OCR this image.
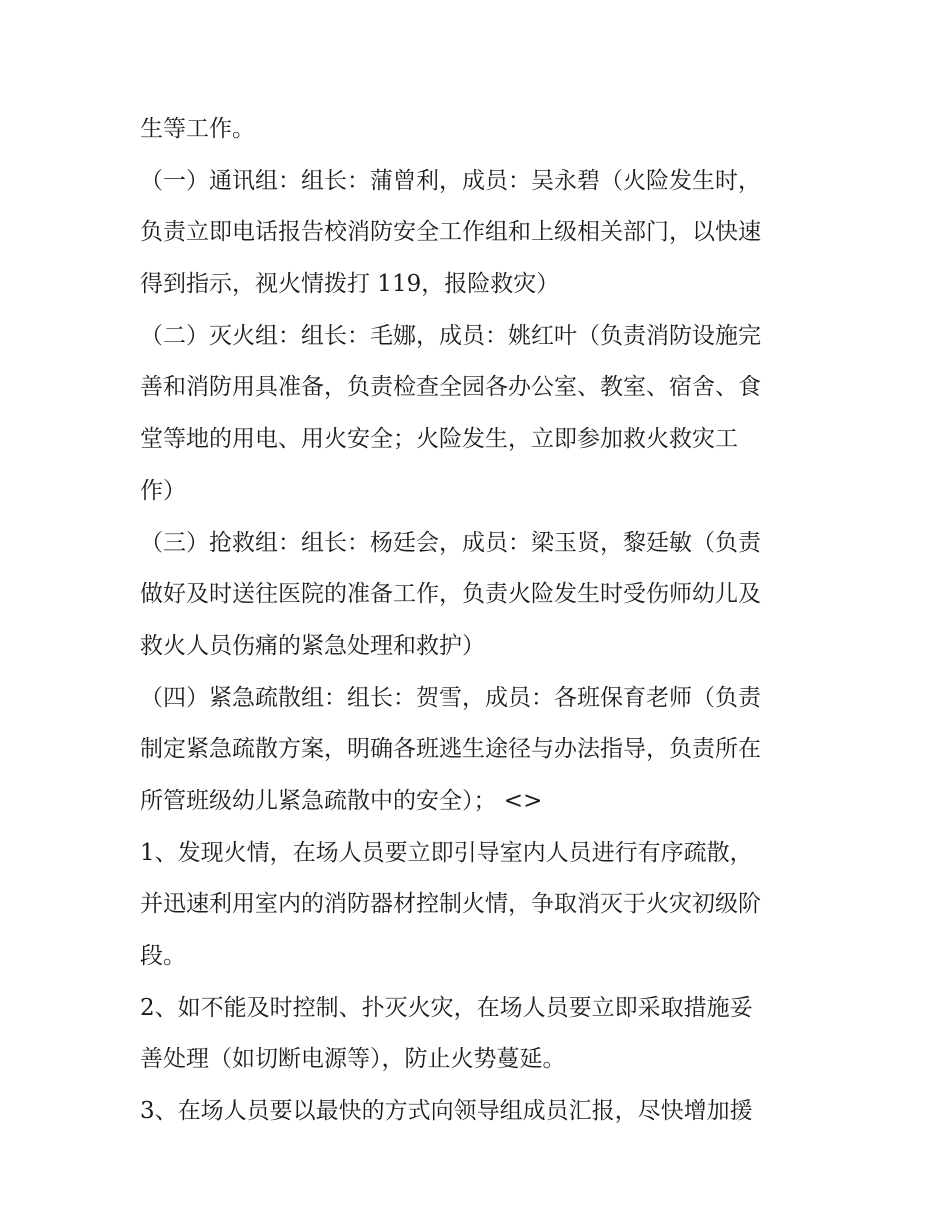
生等工作。
（一）通讯组：组长：蒲曾利，成员：吴永碧（火险发生时，
负责立即电话报告校消防安全工作组和上级相关部门，以快速
得到指示，视火情拨打 119，报险救灾）
（二）灭火组：组长：毛娜，成员：姚红叶（负责消防设施完
善和消防用具准备，负责检查全园各办公室、教室、宿舍、食
堂等地的用电、用火安全；火险发生，立即参加救火救灾工
作）
（三）抢救组：组长：杨廷会，成员：梁玉贤，黎廷敏（负责
做好及时送往医院的准备工作，负责火险发生时受伤师幼儿及
救火人员伤痛的紧急处理和救护）
（四）紧急疏散组：组长：贺雪，成员：各班保育老师（负责
制定紧急疏散方案，明确各班逃生途径与办法指导，负责所在
所管班级幼儿紧急疏散中的安全）； <>
1、发现火情，在场人员要立即引导室内人员进行有序疏散，
并迅速利用室内的消防器材控制火情，争取消灭于火灾初级阶
段。
2、如不能及时控制、扑灭火灾，在场人员要立即采取措施妥
善处理（如切断电源等），防止火势蔓延。
3、在场人员要以最快的方式向领导组成员汇报，尽快增加援
